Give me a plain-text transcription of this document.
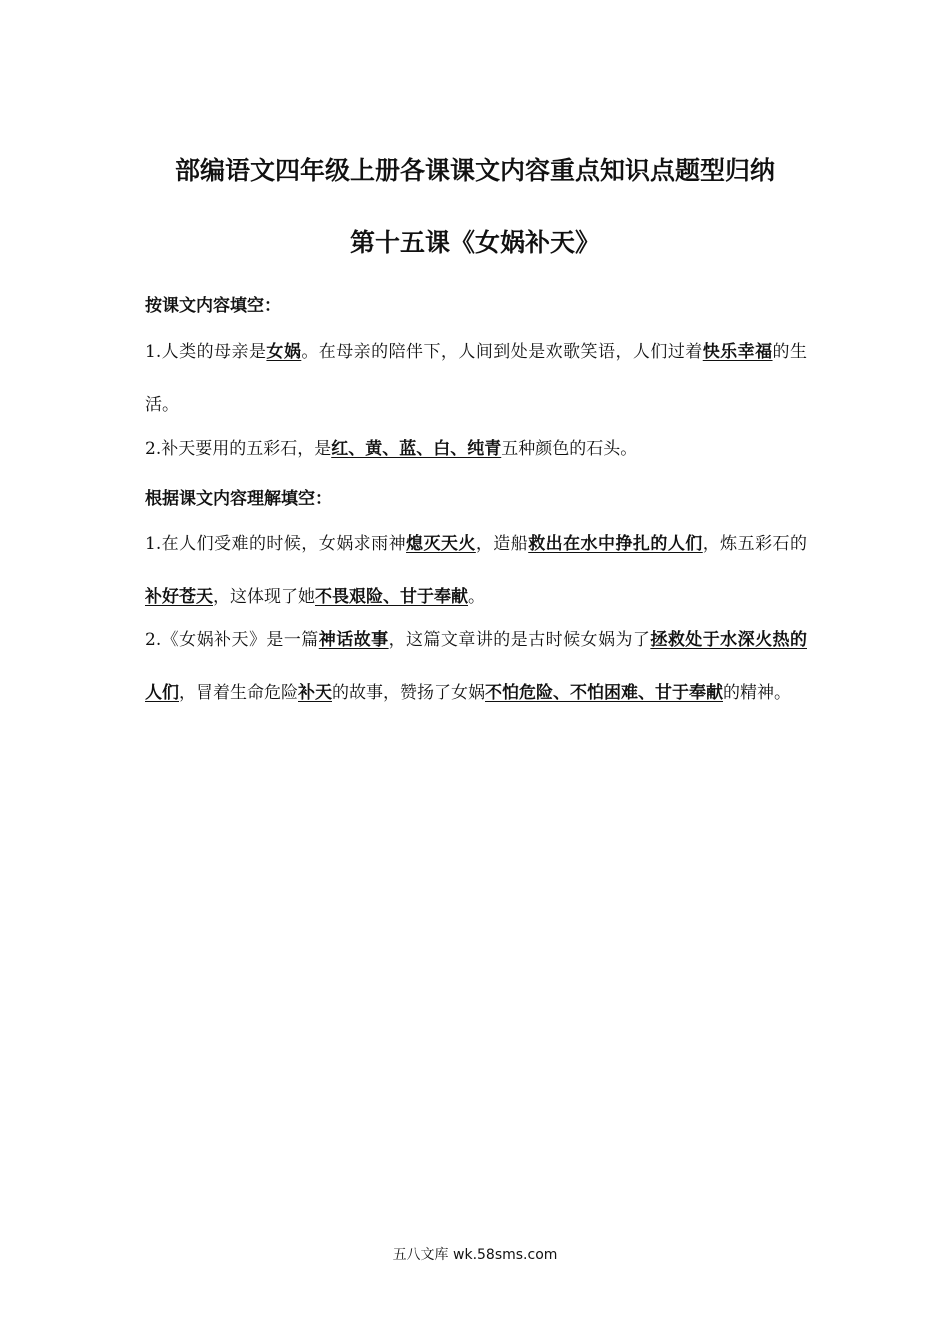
部编语文四年级上册各课课文内容重点知识点题型归纳
第十五课《女娲补天》

按课文内容填空：

1.人类的母亲是女娲。在母亲的陪伴下，人间到处是欢歌笑语，人们过着快乐幸福的生活。

2.补天要用的五彩石，是红、黄、蓝、白、纯青五种颜色的石头。

根据课文内容理解填空：

1.在人们受难的时候，女娲求雨神熄灭天火，造船救出在水中挣扎的人们，炼五彩石的补好苍天，这体现了她不畏艰险、甘于奉献。

2.《女娲补天》是一篇神话故事，这篇文章讲的是古时候女娲为了拯救处于水深火热的人们，冒着生命危险补天的故事，赞扬了女娲不怕危险、不怕困难、甘于奉献的精神。

五八文库 wk.58sms.com
